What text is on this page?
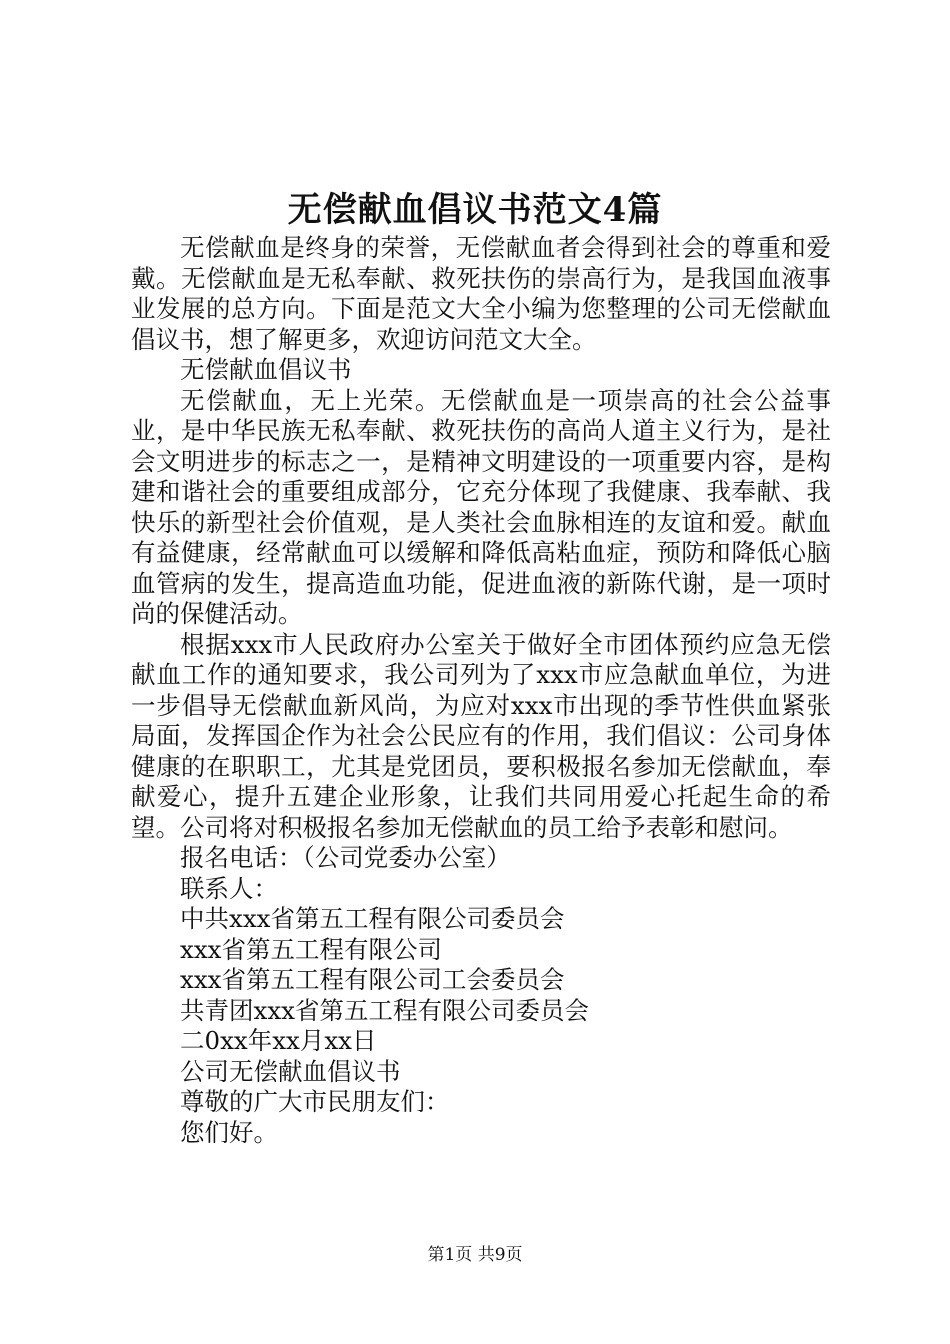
无偿献血倡议书范文4篇

无偿献血是终身的荣誉，无偿献血者会得到社会的尊重和爱戴。无偿献血是无私奉献、救死扶伤的崇高行为，是我国血液事业发展的总方向。下面是范文大全小编为您整理的公司无偿献血倡议书，想了解更多，欢迎访问范文大全。

无偿献血倡议书

无偿献血，无上光荣。无偿献血是一项崇高的社会公益事业，是中华民族无私奉献、救死扶伤的高尚人道主义行为，是社会文明进步的标志之一，是精神文明建设的一项重要内容，是构建和谐社会的重要组成部分，它充分体现了我健康、我奉献、我快乐的新型社会价值观，是人类社会血脉相连的友谊和爱。献血有益健康，经常献血可以缓解和降低高粘血症，预防和降低心脑血管病的发生，提高造血功能，促进血液的新陈代谢，是一项时尚的保健活动。

根据xxx市人民政府办公室关于做好全市团体预约应急无偿献血工作的通知要求，我公司列为了xxx市应急献血单位，为进一步倡导无偿献血新风尚，为应对xxx市出现的季节性供血紧张局面，发挥国企作为社会公民应有的作用，我们倡议：公司身体健康的在职职工，尤其是党团员，要积极报名参加无偿献血，奉献爱心，提升五建企业形象，让我们共同用爱心托起生命的希望。公司将对积极报名参加无偿献血的员工给予表彰和慰问。

报名电话：（公司党委办公室）

联系人：

中共xxx省第五工程有限公司委员会

xxx省第五工程有限公司

xxx省第五工程有限公司工会委员会

共青团xxx省第五工程有限公司委员会

二0xx年xx月xx日

公司无偿献血倡议书

尊敬的广大市民朋友们：

您们好。

第1页 共9页
